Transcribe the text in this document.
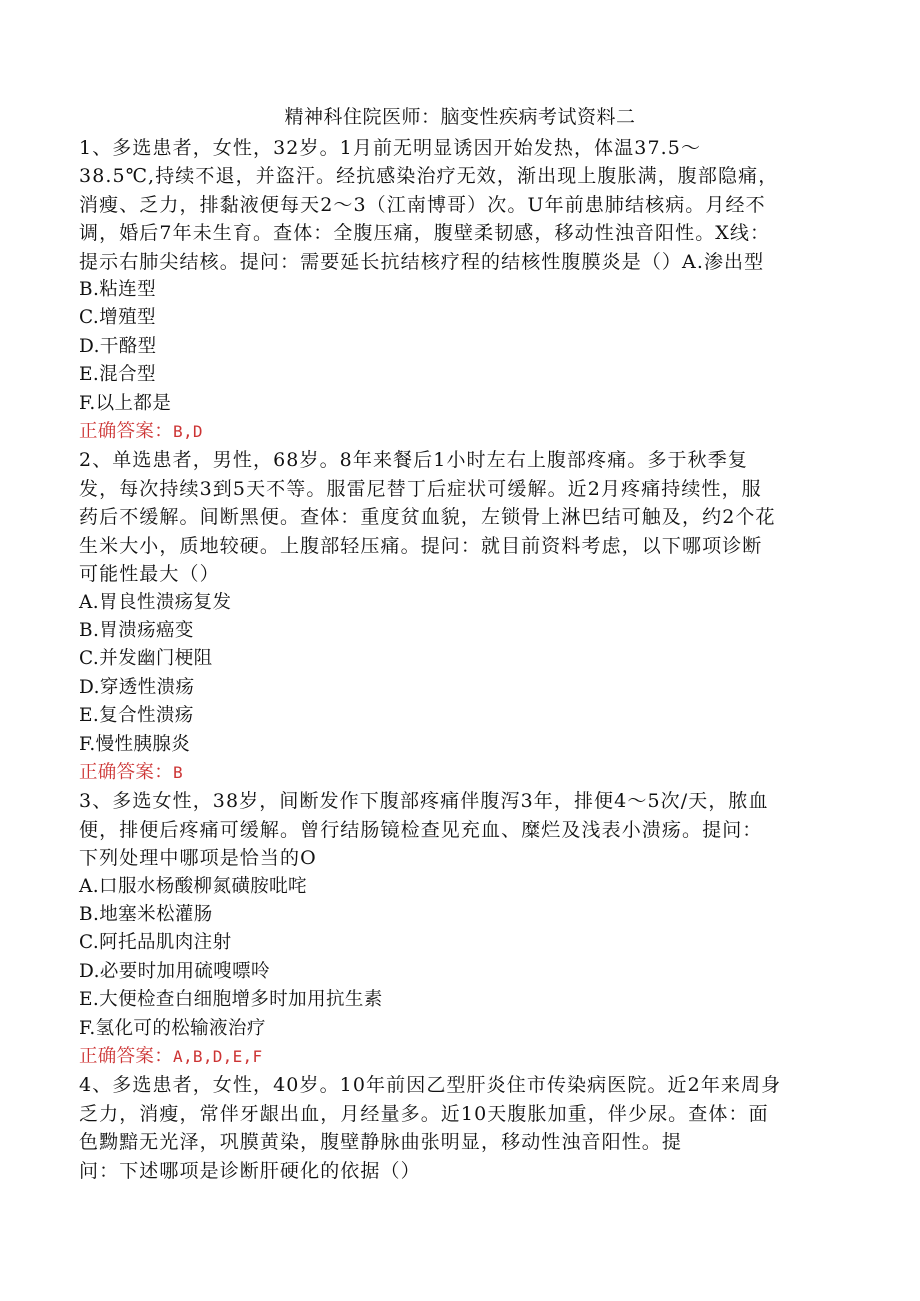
精神科住院医师：脑变性疾病考试资料二
1、多选患者，女性，32岁。1月前无明显诱因开始发热，体温37.5～
38.5℃,持续不退，并盗汗。经抗感染治疗无效，渐出现上腹胀满，腹部隐痛，
消瘦、乏力，排黏液便每天2～3（江南博哥）次。U年前患肺结核病。月经不
调，婚后7年未生育。查体：全腹压痛，腹壁柔韧感，移动性浊音阳性。X线：
提示右肺尖结核。提问：需要延长抗结核疗程的结核性腹膜炎是（）A.渗出型
B.粘连型
C.增殖型
D.干酪型
E.混合型
F.以上都是
正确答案：B,D
2、单选患者，男性，68岁。8年来餐后1小时左右上腹部疼痛。多于秋季复
发，每次持续3到5天不等。服雷尼替丁后症状可缓解。近2月疼痛持续性，服
药后不缓解。间断黑便。查体：重度贫血貌，左锁骨上淋巴结可触及，约2个花
生米大小，质地较硬。上腹部轻压痛。提问：就目前资料考虑，以下哪项诊断
可能性最大（）
A.胃良性溃疡复发
B.胃溃疡癌变
C.并发幽门梗阻
D.穿透性溃疡
E.复合性溃疡
F.慢性胰腺炎
正确答案：B
3、多选女性，38岁，间断发作下腹部疼痛伴腹泻3年，排便4～5次/天，脓血
便，排便后疼痛可缓解。曾行结肠镜检查见充血、糜烂及浅表小溃疡。提问：
下列处理中哪项是恰当的O
A.口服水杨酸柳氮磺胺吡咤
B.地塞米松灌肠
C.阿托品肌肉注射
D.必要时加用硫嗖嘌呤
E.大便检查白细胞增多时加用抗生素
F.氢化可的松输液治疗
正确答案：A,B,D,E,F
4、多选患者，女性，40岁。10年前因乙型肝炎住市传染病医院。近2年来周身
乏力，消瘦，常伴牙龈出血，月经量多。近10天腹胀加重，伴少尿。查体：面
色黝黯无光泽，巩膜黄染，腹壁静脉曲张明显，移动性浊音阳性。提
问：下述哪项是诊断肝硬化的依据（）
